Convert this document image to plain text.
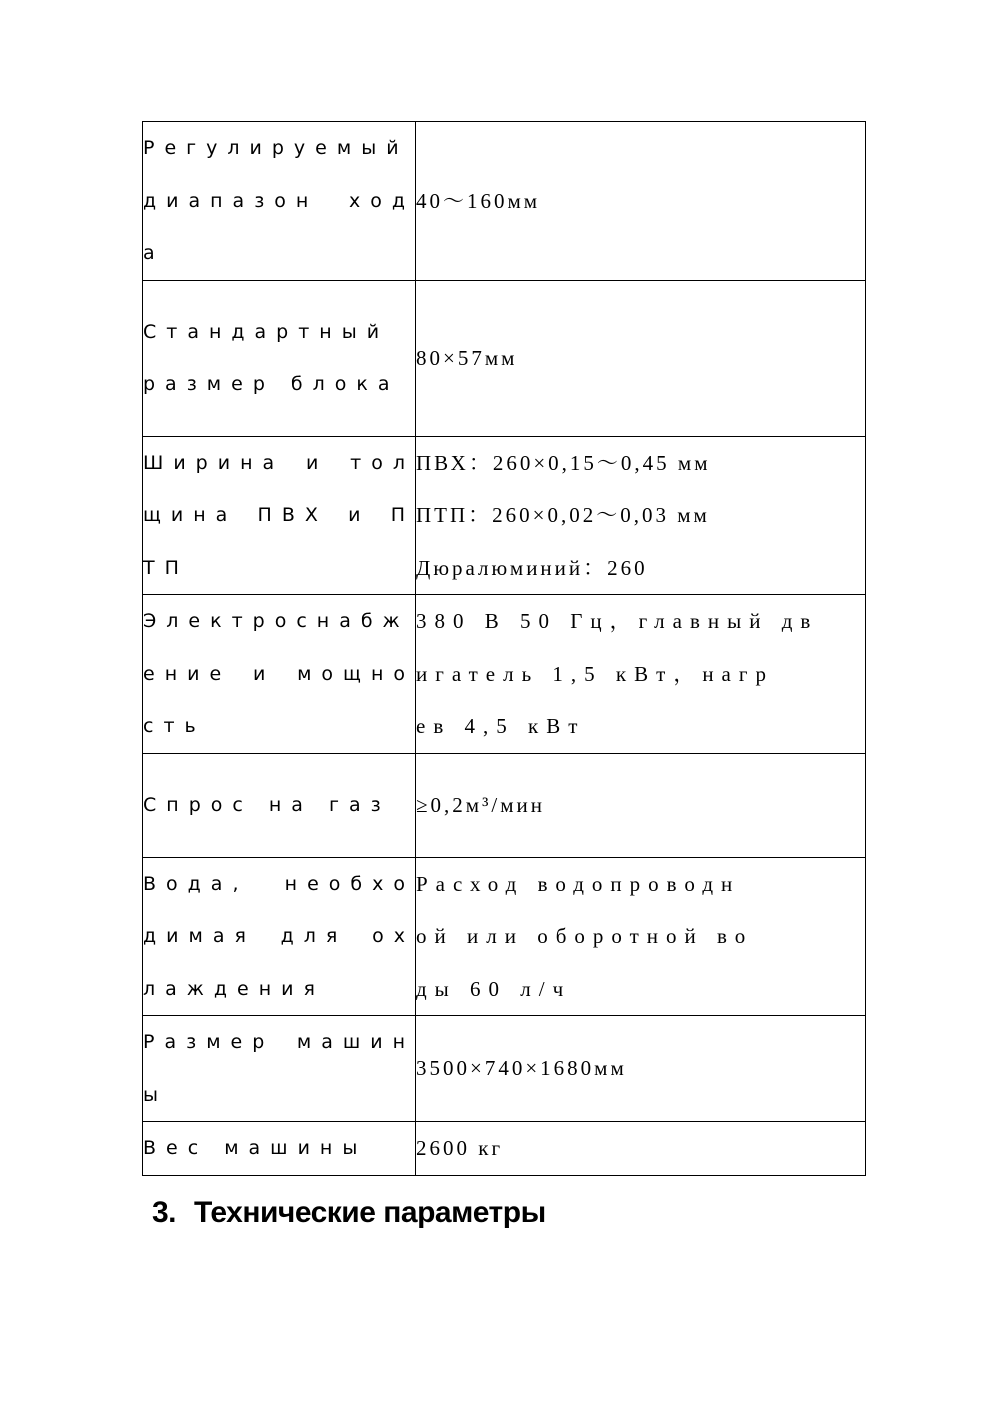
Регулируемый диапазон хода	40～160мм

Стандартный размер блока	80×57мм

Ширина и толщина ПВХ и ПТП	ПВХ：260×0,15～0,45 мм
ПТП：260×0,02～0,03 мм
Дюралюминий：260

Электроснабжение и мощность	380 В 50 Гц，главный дв
игатель 1,5 кВт，нагр
ев 4,5 кВт

Спрос на газ	≥0,2м³/мин

Вода, необходимая для охлаждения	Расход водопроводн
ой или оборотной во
ды 60 л/ч

Размер машины	3500×740×1680мм

Вес машины	2600 кг
3. Технические параметры
